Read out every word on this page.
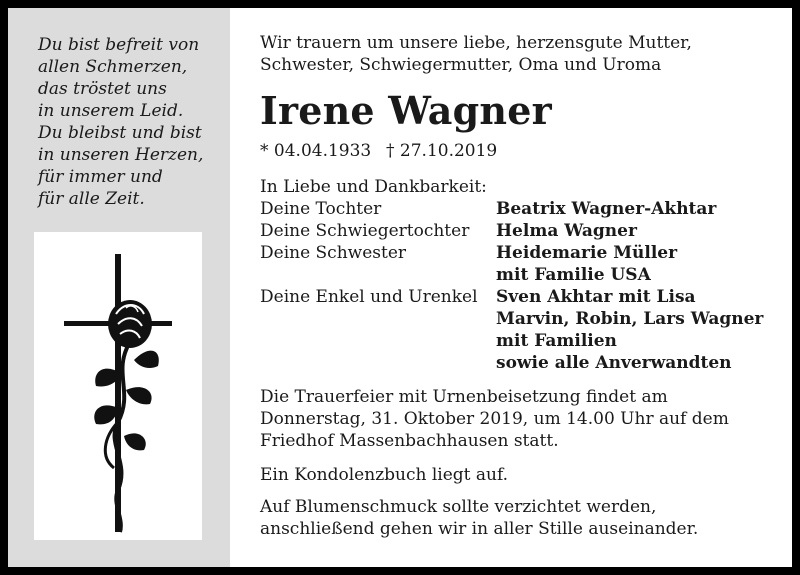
Du bist befreit von
allen Schmerzen,
das tröstet uns
in unserem Leid.
Du bleibst und bist
in unseren Herzen,
für immer und
für alle Zeit.
Wir trauern um unsere liebe, herzensgute Mutter,
Schwester, Schwiegermutter, Oma und Uroma
Irene Wagner
* 04.04.1933 † 27.10.2019
In Liebe und Dankbarkeit:
Deine Tochter	Beatrix Wagner-Akhtar
Deine Schwiegertochter Helma Wagner
Deine Schwester	Heidemarie Müller
mit Familie USA
Deine Enkel und Urenkel Sven Akhtar mit Lisa
Marvin, Robin, Lars Wagner
mit Familien
sowie alle Anverwandten
Die Trauerfeier mit Urnenbeisetzung findet am
Donnerstag, 31. Oktober 2019, um 14.00 Uhr auf dem
Friedhof Massenbachhausen statt.
Ein Kondolenzbuch liegt auf.
Auf Blumenschmuck sollte verzichtet werden,
anschließend gehen wir in aller Stille auseinander.
